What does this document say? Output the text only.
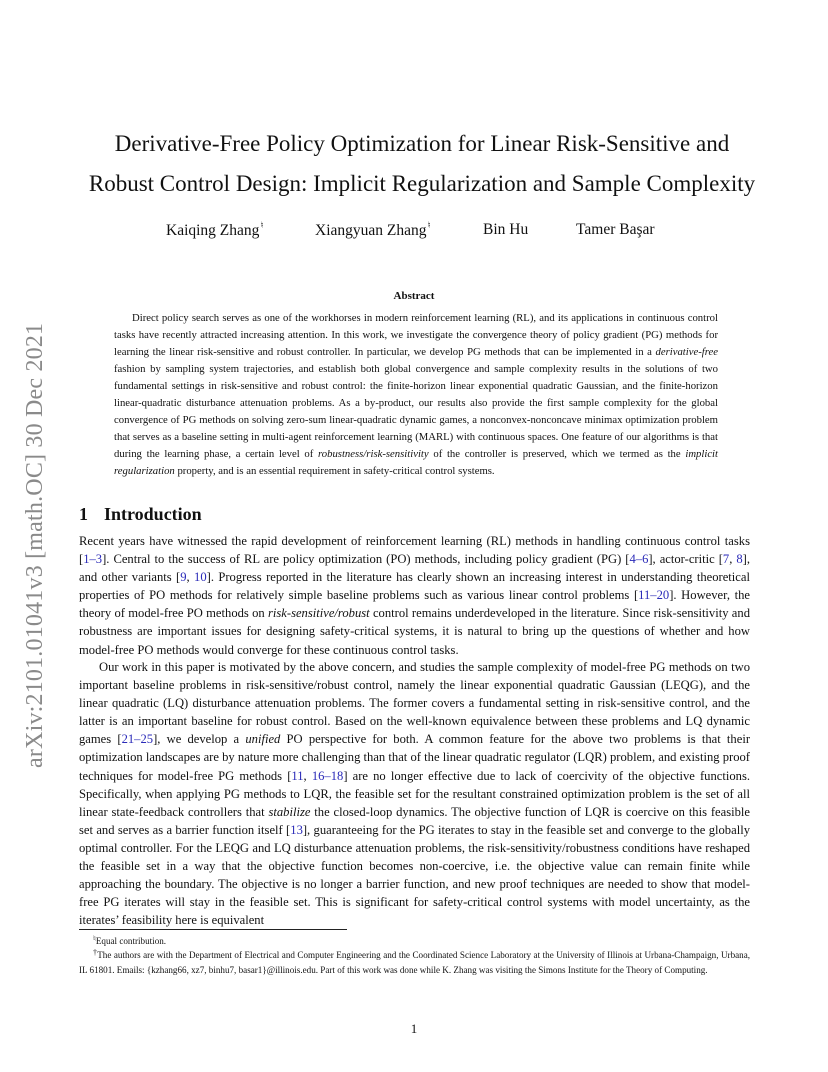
arXiv:2101.01041v3 [math.OC] 30 Dec 2021
Derivative-Free Policy Optimization for Linear Risk-Sensitive and
Robust Control Design: Implicit Regularization and Sample Complexity
Kaiqing Zhang♮	Xiangyuan Zhang♮	Bin Hu	Tamer Başar
Abstract

Direct policy search serves as one of the workhorses in modern reinforcement learning (RL), and its applications in continuous control tasks have recently attracted increasing attention. In this work, we investigate the convergence theory of policy gradient (PG) methods for learning the linear risk-sensitive and robust controller. In particular, we develop PG methods that can be implemented in a derivative-free fashion by sampling system trajectories, and establish both global convergence and sample complexity results in the solutions of two fundamental settings in risk-sensitive and robust control: the finite-horizon linear exponential quadratic Gaussian, and the finite-horizon linear-quadratic disturbance attenuation problems. As a by-product, our results also provide the first sample complexity for the global convergence of PG methods on solving zero-sum linear-quadratic dynamic games, a nonconvex-nonconcave minimax optimization problem that serves as a baseline setting in multi-agent reinforcement learning (MARL) with continuous spaces. One feature of our algorithms is that during the learning phase, a certain level of robustness/risk-sensitivity of the controller is preserved, which we termed as the implicit regularization property, and is an essential requirement in safety-critical control systems.

1 Introduction

Recent years have witnessed the rapid development of reinforcement learning (RL) methods in handling continuous control tasks [1–3]. Central to the success of RL are policy optimization (PO) methods, including policy gradient (PG) [4–6], actor-critic [7, 8], and other variants [9, 10]. Progress reported in the literature has clearly shown an increasing interest in understanding theoretical properties of PO methods for relatively simple baseline problems such as various linear control problems [11–20]. However, the theory of model-free PO methods on risk-sensitive/robust control remains underdeveloped in the literature. Since risk-sensitivity and robustness are important issues for designing safety-critical systems, it is natural to bring up the questions of whether and how model-free PO methods would converge for these continuous control tasks.

Our work in this paper is motivated by the above concern, and studies the sample complexity of model-free PG methods on two important baseline problems in risk-sensitive/robust control, namely the linear exponential quadratic Gaussian (LEQG), and the linear quadratic (LQ) disturbance attenuation problems. The former covers a fundamental setting in risk-sensitive control, and the latter is an important baseline for robust control. Based on the well-known equivalence between these problems and LQ dynamic games [21–25], we develop a unified PO perspective for both. A common feature for the above two problems is that their optimization landscapes are by nature more challenging than that of the linear quadratic regulator (LQR) problem, and existing proof techniques for model-free PG methods [11, 16–18] are no longer effective due to lack of coercivity of the objective functions. Specifically, when applying PG methods to LQR, the feasible set for the resultant constrained optimization problem is the set of all linear state-feedback controllers that stabilize the closed-loop dynamics. The objective function of LQR is coercive on this feasible set and serves as a barrier function itself [13], guaranteeing for the PG iterates to stay in the feasible set and converge to the globally optimal controller. For the LEQG and LQ disturbance attenuation problems, the risk-sensitivity/robustness conditions have reshaped the feasible set in a way that the objective function becomes non-coercive, i.e. the objective value can remain finite while approaching the boundary. The objective is no longer a barrier function, and new proof techniques are needed to show that model-free PG iterates will stay in the feasible set. This is significant for safety-critical control systems with model uncertainty, as the iterates’ feasibility here is equivalent

♮Equal contribution.

†The authors are with the Department of Electrical and Computer Engineering and the Coordinated Science Laboratory at the University of Illinois at Urbana-Champaign, Urbana, IL 61801. Emails: {kzhang66, xz7, binhu7, basar1}@illinois.edu. Part of this work was done while K. Zhang was visiting the Simons Institute for the Theory of Computing.

1
